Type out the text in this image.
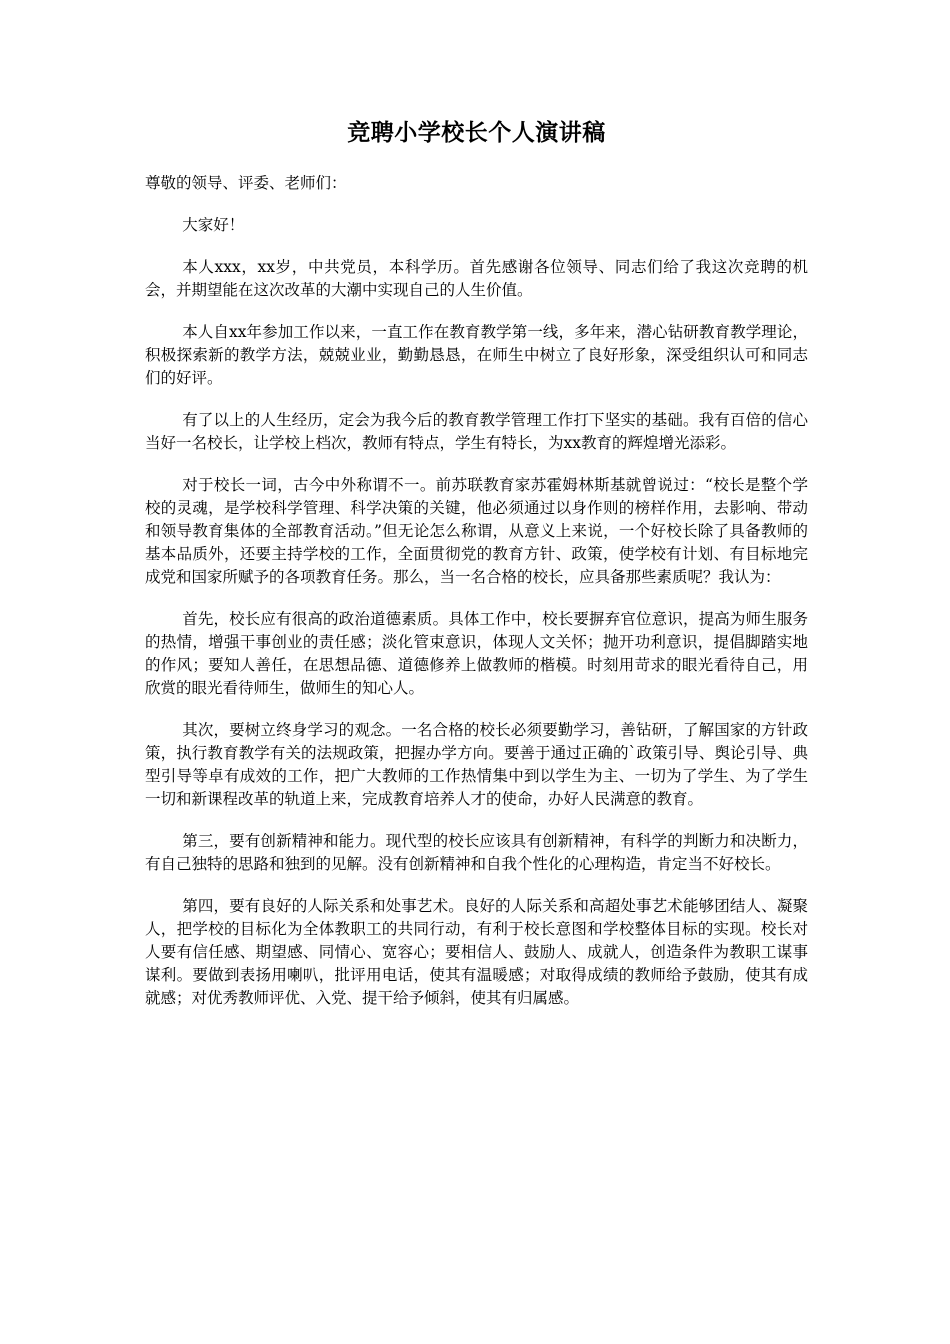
竞聘小学校长个人演讲稿

尊敬的领导、评委、老师们：

大家好！

本人xxx，xx岁，中共党员，本科学历。首先感谢各位领导、同志们给了我这次竞聘的机会，并期望能在这次改革的大潮中实现自己的人生价值。

本人自xx年参加工作以来，一直工作在教育教学第一线，多年来，潜心钻研教育教学理论，积极探索新的教学方法，兢兢业业，勤勤恳恳，在师生中树立了良好形象，深受组织认可和同志们的好评。

有了以上的人生经历，定会为我今后的教育教学管理工作打下坚实的基础。我有百倍的信心当好一名校长，让学校上档次，教师有特点，学生有特长，为xx教育的辉煌增光添彩。

对于校长一词，古今中外称谓不一。前苏联教育家苏霍姆林斯基就曾说过：“校长是整个学校的灵魂，是学校科学管理、科学决策的关键，他必须通过以身作则的榜样作用，去影响、带动和领导教育集体的全部教育活动。”但无论怎么称谓，从意义上来说，一个好校长除了具备教师的基本品质外，还要主持学校的工作，全面贯彻党的教育方针、政策，使学校有计划、有目标地完成党和国家所赋予的各项教育任务。那么，当一名合格的校长，应具备那些素质呢？我认为：

首先，校长应有很高的政治道德素质。具体工作中，校长要摒弃官位意识，提高为师生服务的热情，增强干事创业的责任感；淡化管束意识，体现人文关怀；抛开功利意识，提倡脚踏实地的作风；要知人善任，在思想品德、道德修养上做教师的楷模。时刻用苛求的眼光看待自己，用欣赏的眼光看待师生，做师生的知心人。

其次，要树立终身学习的观念。一名合格的校长必须要勤学习，善钻研，了解国家的方针政策，执行教育教学有关的法规政策，把握办学方向。要善于通过正确的`政策引导、舆论引导、典型引导等卓有成效的工作，把广大教师的工作热情集中到以学生为主、一切为了学生、为了学生一切和新课程改革的轨道上来，完成教育培养人才的使命，办好人民满意的教育。

第三，要有创新精神和能力。现代型的校长应该具有创新精神，有科学的判断力和决断力，有自己独特的思路和独到的见解。没有创新精神和自我个性化的心理构造，肯定当不好校长。

第四，要有良好的人际关系和处事艺术。良好的人际关系和高超处事艺术能够团结人、凝聚人，把学校的目标化为全体教职工的共同行动，有利于校长意图和学校整体目标的实现。校长对人要有信任感、期望感、同情心、宽容心；要相信人、鼓励人、成就人，创造条件为教职工谋事谋利。要做到表扬用喇叭，批评用电话，使其有温暖感；对取得成绩的教师给予鼓励，使其有成就感；对优秀教师评优、入党、提干给予倾斜，使其有归属感。
